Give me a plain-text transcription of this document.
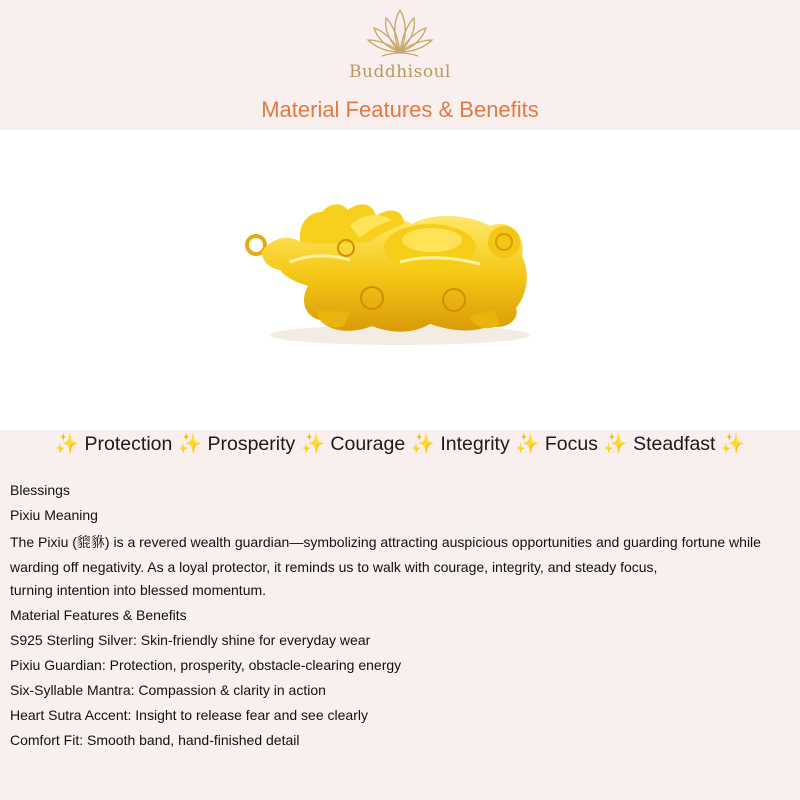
Buddhisoul
Material Features & Benefits
✨ Protection ✨ Prosperity ✨ Courage ✨ Integrity ✨ Focus ✨ Steadfast ✨
Blessings
Pixiu Meaning
The Pixiu (貔貅) is a revered wealth guardian—symbolizing attracting auspicious opportunities and guarding fortune while warding off negativity. As a loyal protector, it reminds us to walk with courage, integrity, and steady focus,
turning intention into blessed momentum.
Material Features & Benefits
S925 Sterling Silver: Skin-friendly shine for everyday wear
Pixiu Guardian: Protection, prosperity, obstacle-clearing energy
Six-Syllable Mantra: Compassion & clarity in action
Heart Sutra Accent: Insight to release fear and see clearly
Comfort Fit: Smooth band, hand-finished detail
